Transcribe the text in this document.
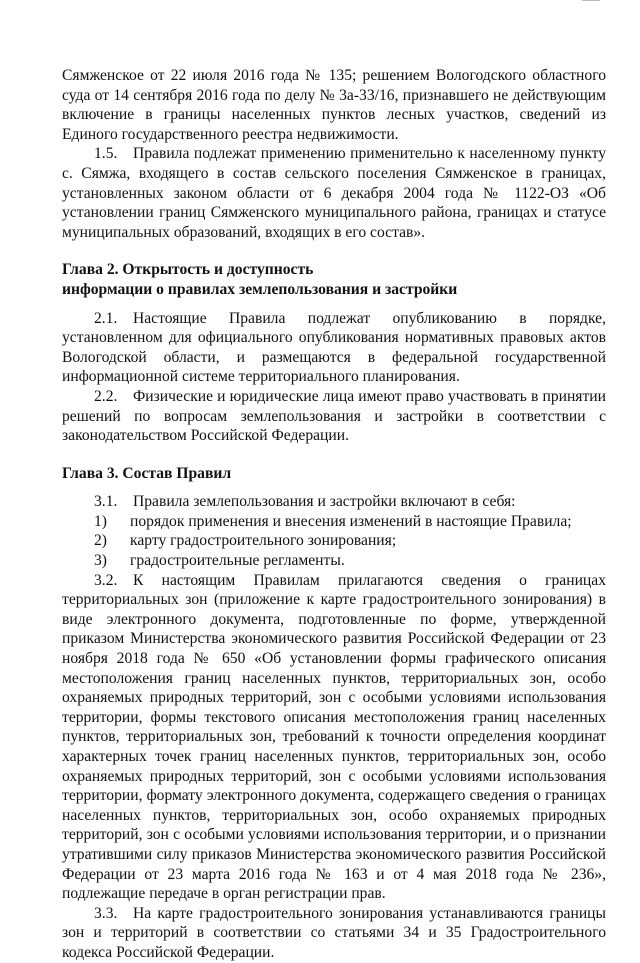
Сямженское от 22 июля 2016 года № 135; решением Вологодского областного суда от 14 сентября 2016 года по делу № 3а-33/16, признавшего не действующим включение в границы населенных пунктов лесных участков, сведений из Единого государственного реестра недвижимости.

1.5. Правила подлежат применению применительно к населенному пункту с. Сямжа, входящего в состав сельского поселения Сямженское в границах, установленных законом области от 6 декабря 2004 года № 1122-ОЗ «Об установлении границ Сямженского муниципального района, границах и статусе муниципальных образований, входящих в его состав».

Глава 2. Открытость и доступность

информации о правилах землепользования и застройки

2.1. Настоящие Правила подлежат опубликованию в порядке, установленном для официального опубликования нормативных правовых актов Вологодской области, и размещаются в федеральной государственной информационной системе территориального планирования.

2.2. Физические и юридические лица имеют право участвовать в принятии решений по вопросам землепользования и застройки в соответствии с законодательством Российской Федерации.

Глава 3. Состав Правил

3.1. Правила землепользования и застройки включают в себя:

1)	порядок применения и внесения изменений в настоящие Правила;
2)	карту градостроительного зонирования;
3)	градостроительные регламенты.

3.2. К настоящим Правилам прилагаются сведения о границах территориальных зон (приложение к карте градостроительного зонирования) в виде электронного документа, подготовленные по форме, утвержденной приказом Министерства экономического развития Российской Федерации от 23 ноября 2018 года № 650 «Об установлении формы графического описания местоположения границ населенных пунктов, территориальных зон, особо охраняемых природных территорий, зон с особыми условиями использования территории, формы текстового описания местоположения границ населенных пунктов, территориальных зон, требований к точности определения координат характерных точек границ населенных пунктов, территориальных зон, особо охраняемых природных территорий, зон с особыми условиями использования территории, формату электронного документа, содержащего сведения о границах населенных пунктов, территориальных зон, особо охраняемых природных территорий, зон с особыми условиями использования территории, и о признании утратившими силу приказов Министерства экономического развития Российской Федерации от 23 марта 2016 года № 163 и от 4 мая 2018 года № 236», подлежащие передаче в орган регистрации прав.

3.3. На карте градостроительного зонирования устанавливаются границы зон и территорий в соответствии со статьями 34 и 35 Градостроительного кодекса Российской Федерации.
